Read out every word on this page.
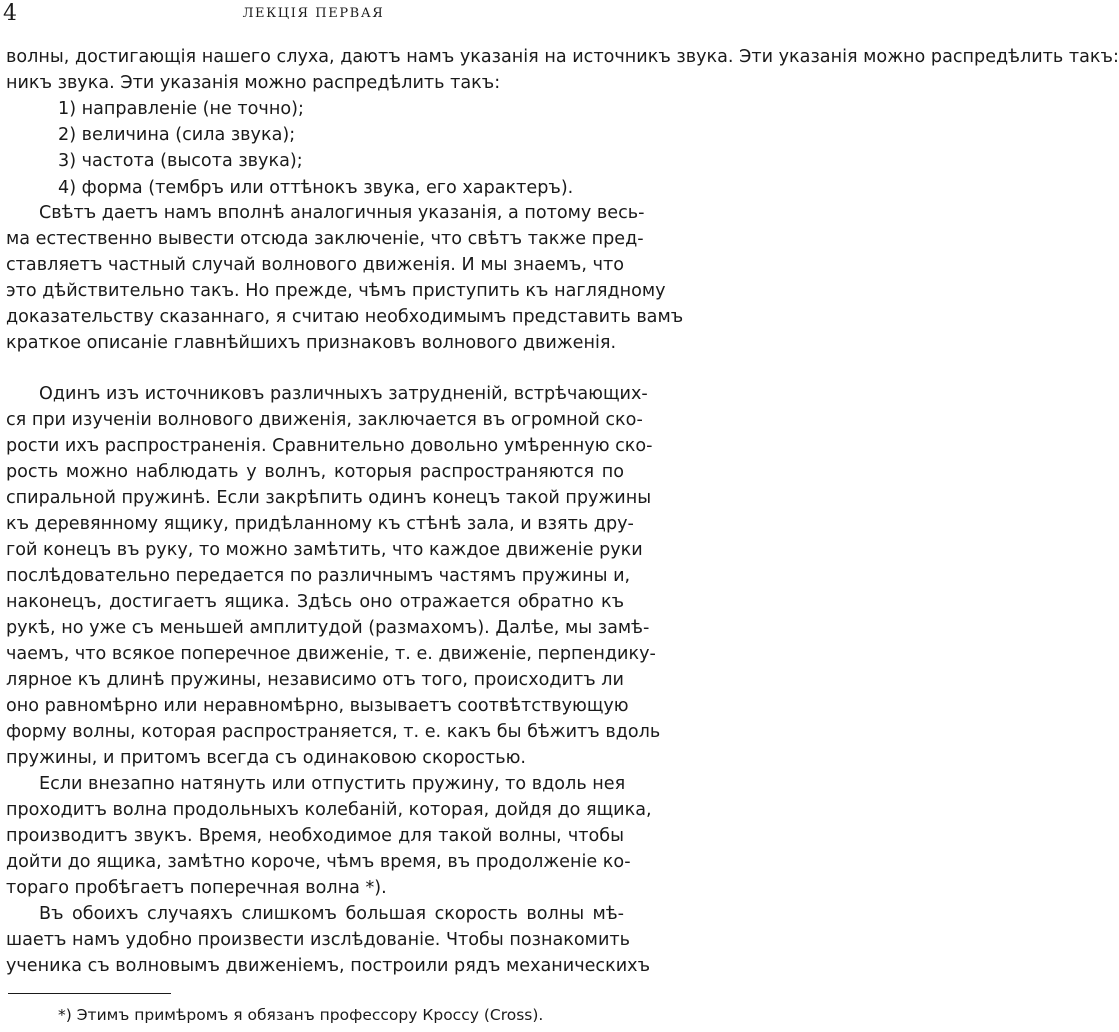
4	ЛЕКЦІЯ ПЕРВАЯ
волны, достигающія нашего слуха, даютъ намъ указанія на источникъ звука. Эти указанія можно распредѣлить такъ:
никъ звука. Эти указанія можно распредѣлить такъ:
1) направленіе (не точно);
2) величина (сила звука);
3) частота (высота звука);
4) форма (тембръ или оттѣнокъ звука, его характеръ).
Свѣтъ даетъ намъ вполнѣ аналогичныя указанія, а потому весь-
ма естественно вывести отсюда заключеніе, что свѣтъ также пред-
ставляетъ частный случай волнового движенія. И мы знаемъ, что
это дѣйствительно такъ. Но прежде, чѣмъ приступить къ наглядному
доказательству сказаннаго, я считаю необходимымъ представить вамъ
краткое описаніе главнѣйшихъ признаковъ волнового движенія.
Одинъ изъ источниковъ различныхъ затрудненій, встрѣчающих-
ся при изученіи волнового движенія, заключается въ огромной ско-
рости ихъ распространенія. Сравнительно довольно умѣренную ско-
рость можно наблюдать у волнъ, которыя распространяются по
спиральной пружинѣ. Если закрѣпить одинъ конецъ такой пружины
къ деревянному ящику, придѣланному къ стѣнѣ зала, и взять дру-
гой конецъ въ руку, то можно замѣтить, что каждое движеніе руки
послѣдовательно передается по различнымъ частямъ пружины и,
наконецъ, достигаетъ ящика. Здѣсь оно отражается обратно къ
рукѣ, но уже съ меньшей амплитудой (размахомъ). Далѣе, мы замѣ-
чаемъ, что всякое поперечное движеніе, т. е. движеніе, перпендику-
лярное къ длинѣ пружины, независимо отъ того, происходитъ ли
оно равномѣрно или неравномѣрно, вызываетъ соотвѣтствующую
форму волны, которая распространяется, т. е. какъ бы бѣжитъ вдоль
пружины, и притомъ всегда съ одинаковою скоростью.
Если внезапно натянуть или отпустить пружину, то вдоль нея
проходитъ волна продольныхъ колебаній, которая, дойдя до ящика,
производитъ звукъ. Время, необходимое для такой волны, чтобы
дойти до ящика, замѣтно короче, чѣмъ время, въ продолженіе ко-
тораго пробѣгаетъ поперечная волна *).
Въ обоихъ случаяхъ слишкомъ большая скорость волны мѣ-
шаетъ намъ удобно произвести изслѣдованіе. Чтобы познакомить
ученика съ волновымъ движеніемъ, построили рядъ механическихъ
*) Этимъ примѣромъ я обязанъ профессору Кроссу (Cross).
